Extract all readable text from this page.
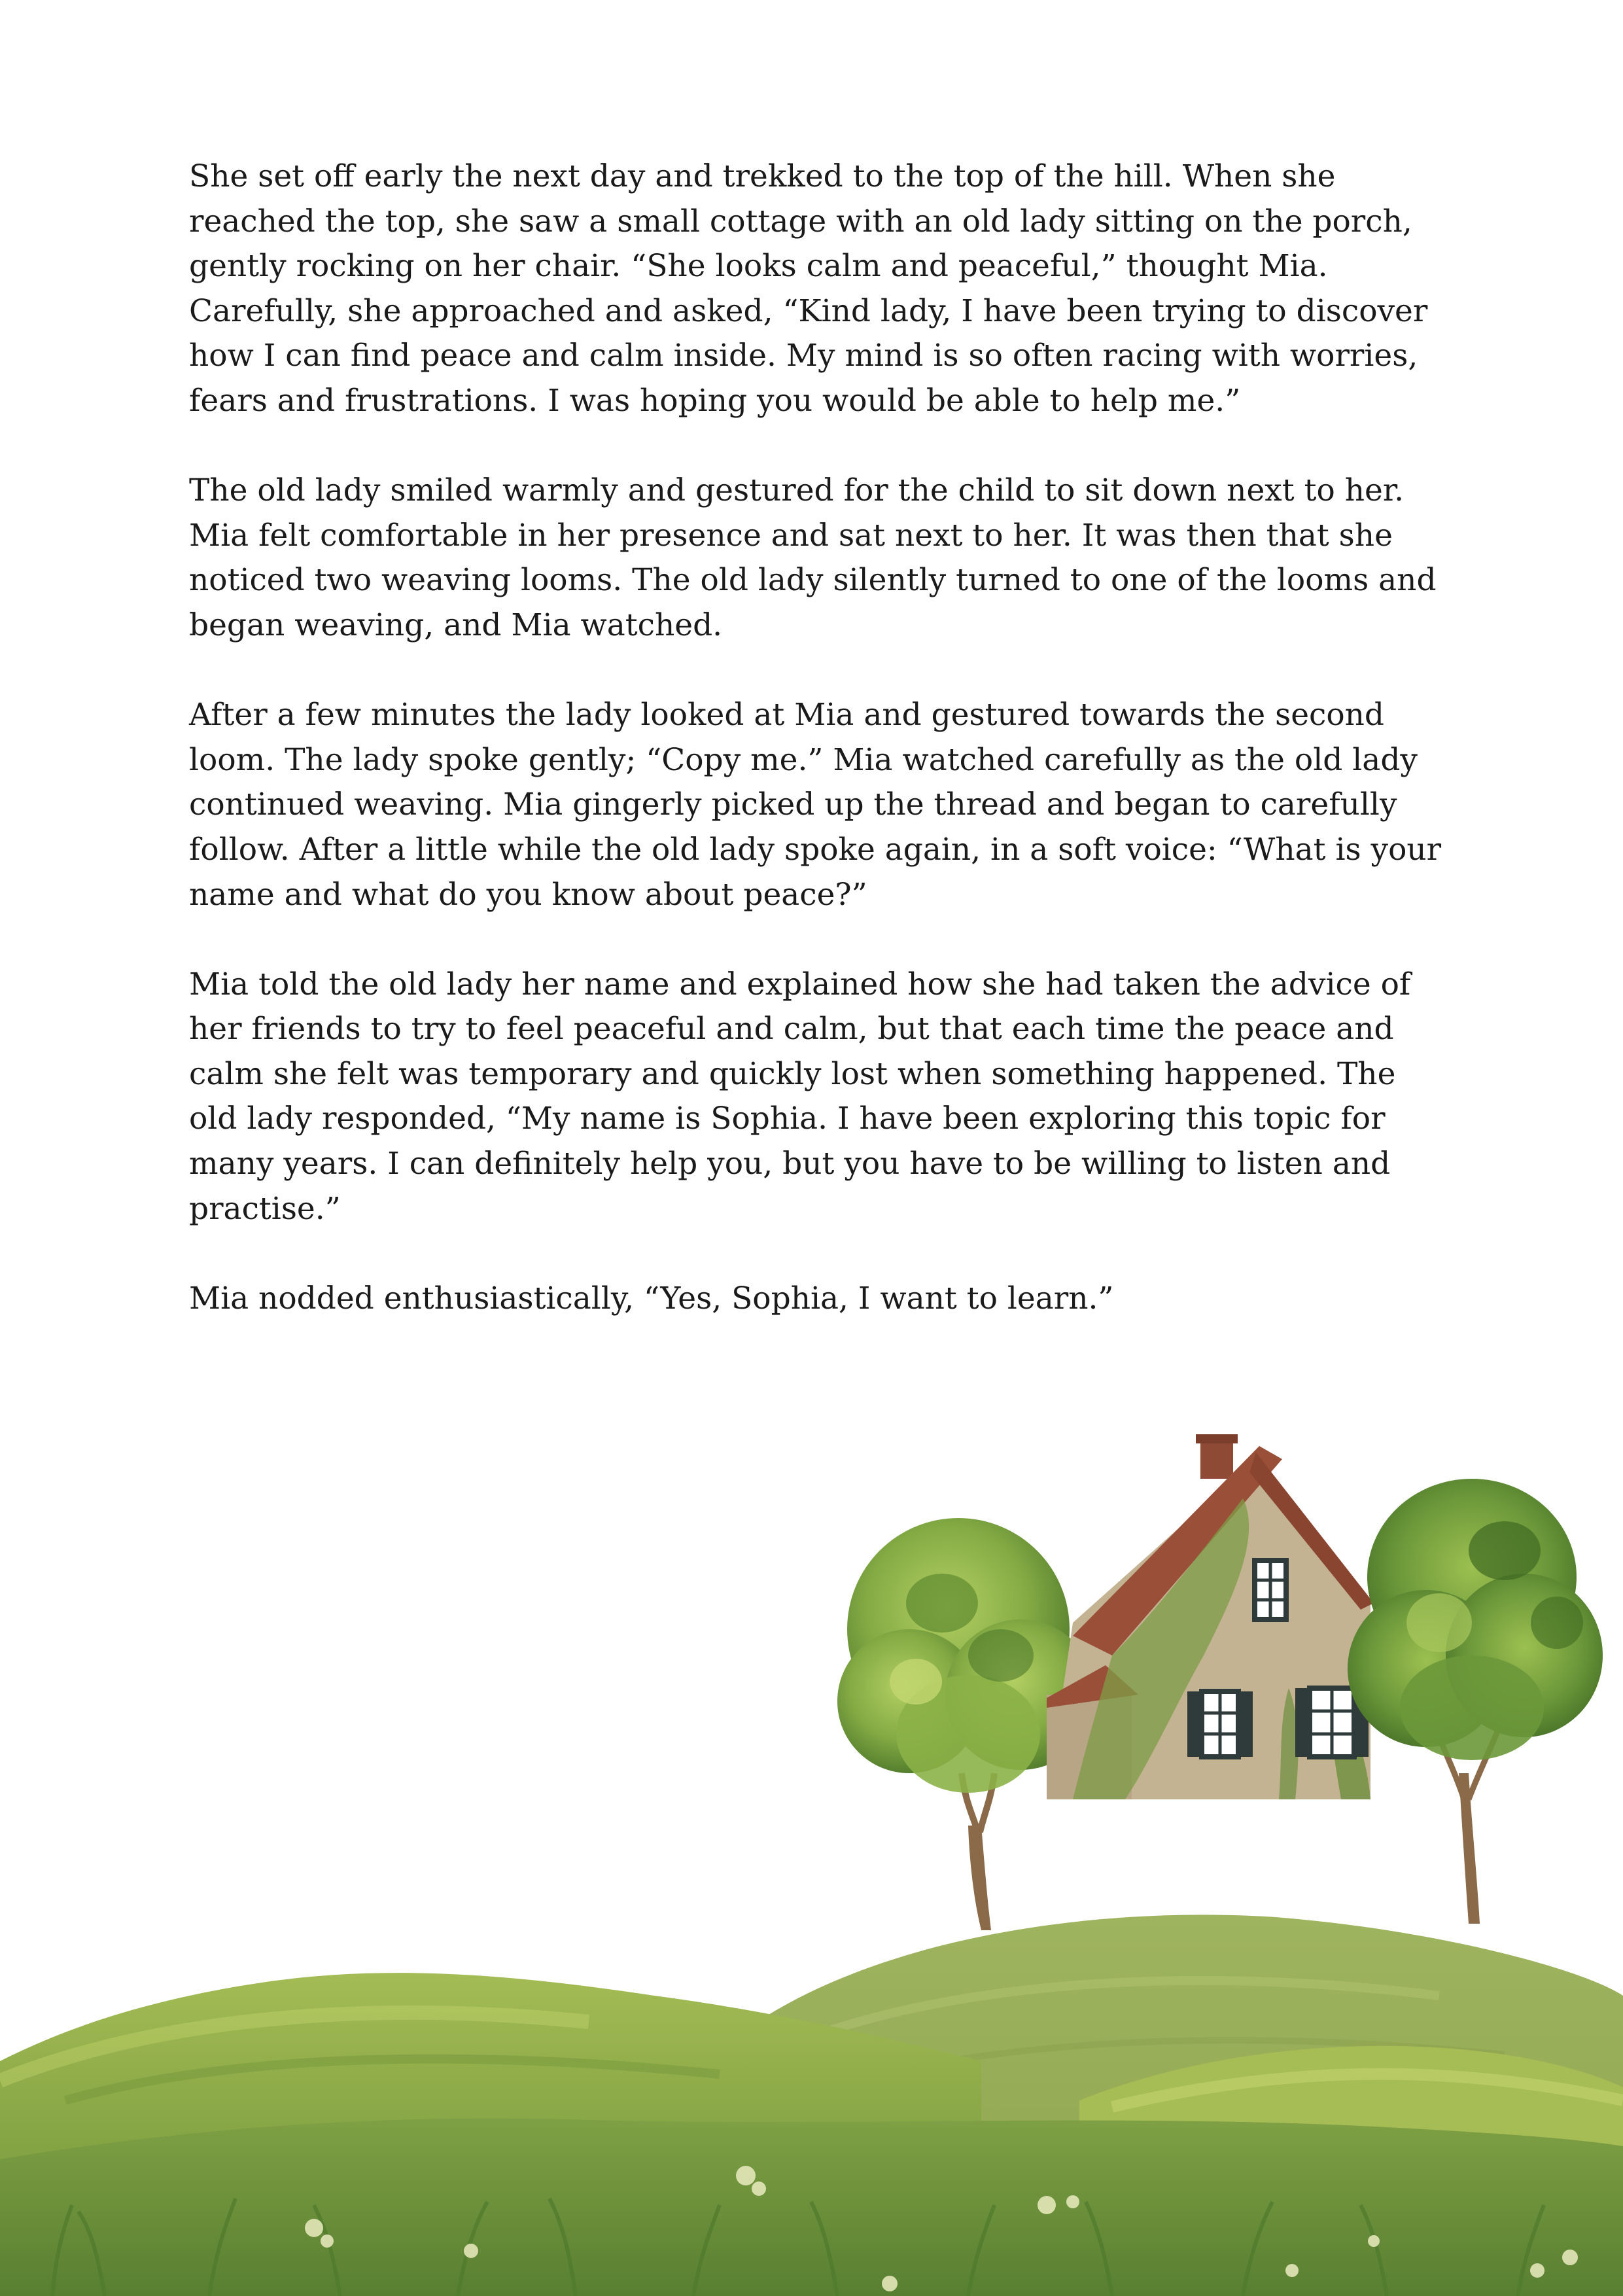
She set off early the next day and trekked to the top of the hill. When she reached the top, she saw a small cottage with an old lady sitting on the porch, gently rocking on her chair. “She looks calm and peaceful,” thought Mia. Carefully, she approached and asked, “Kind lady, I have been trying to discover how I can find peace and calm inside. My mind is so often racing with worries, fears and frustrations. I was hoping you would be able to help me.”

The old lady smiled warmly and gestured for the child to sit down next to her. Mia felt comfortable in her presence and sat next to her. It was then that she noticed two weaving looms. The old lady silently turned to one of the looms and began weaving, and Mia watched.

After a few minutes the lady looked at Mia and gestured towards the second loom. The lady spoke gently; “Copy me.” Mia watched carefully as the old lady continued weaving. Mia gingerly picked up the thread and began to carefully follow. After a little while the old lady spoke again, in a soft voice: “What is your name and what do you know about peace?”

Mia told the old lady her name and explained how she had taken the advice of her friends to try to feel peaceful and calm, but that each time the peace and calm she felt was temporary and quickly lost when something happened. The old lady responded, “My name is Sophia. I have been exploring this topic for many years. I can definitely help you, but you have to be willing to listen and practise.”

Mia nodded enthusiastically, “Yes, Sophia, I want to learn.”
